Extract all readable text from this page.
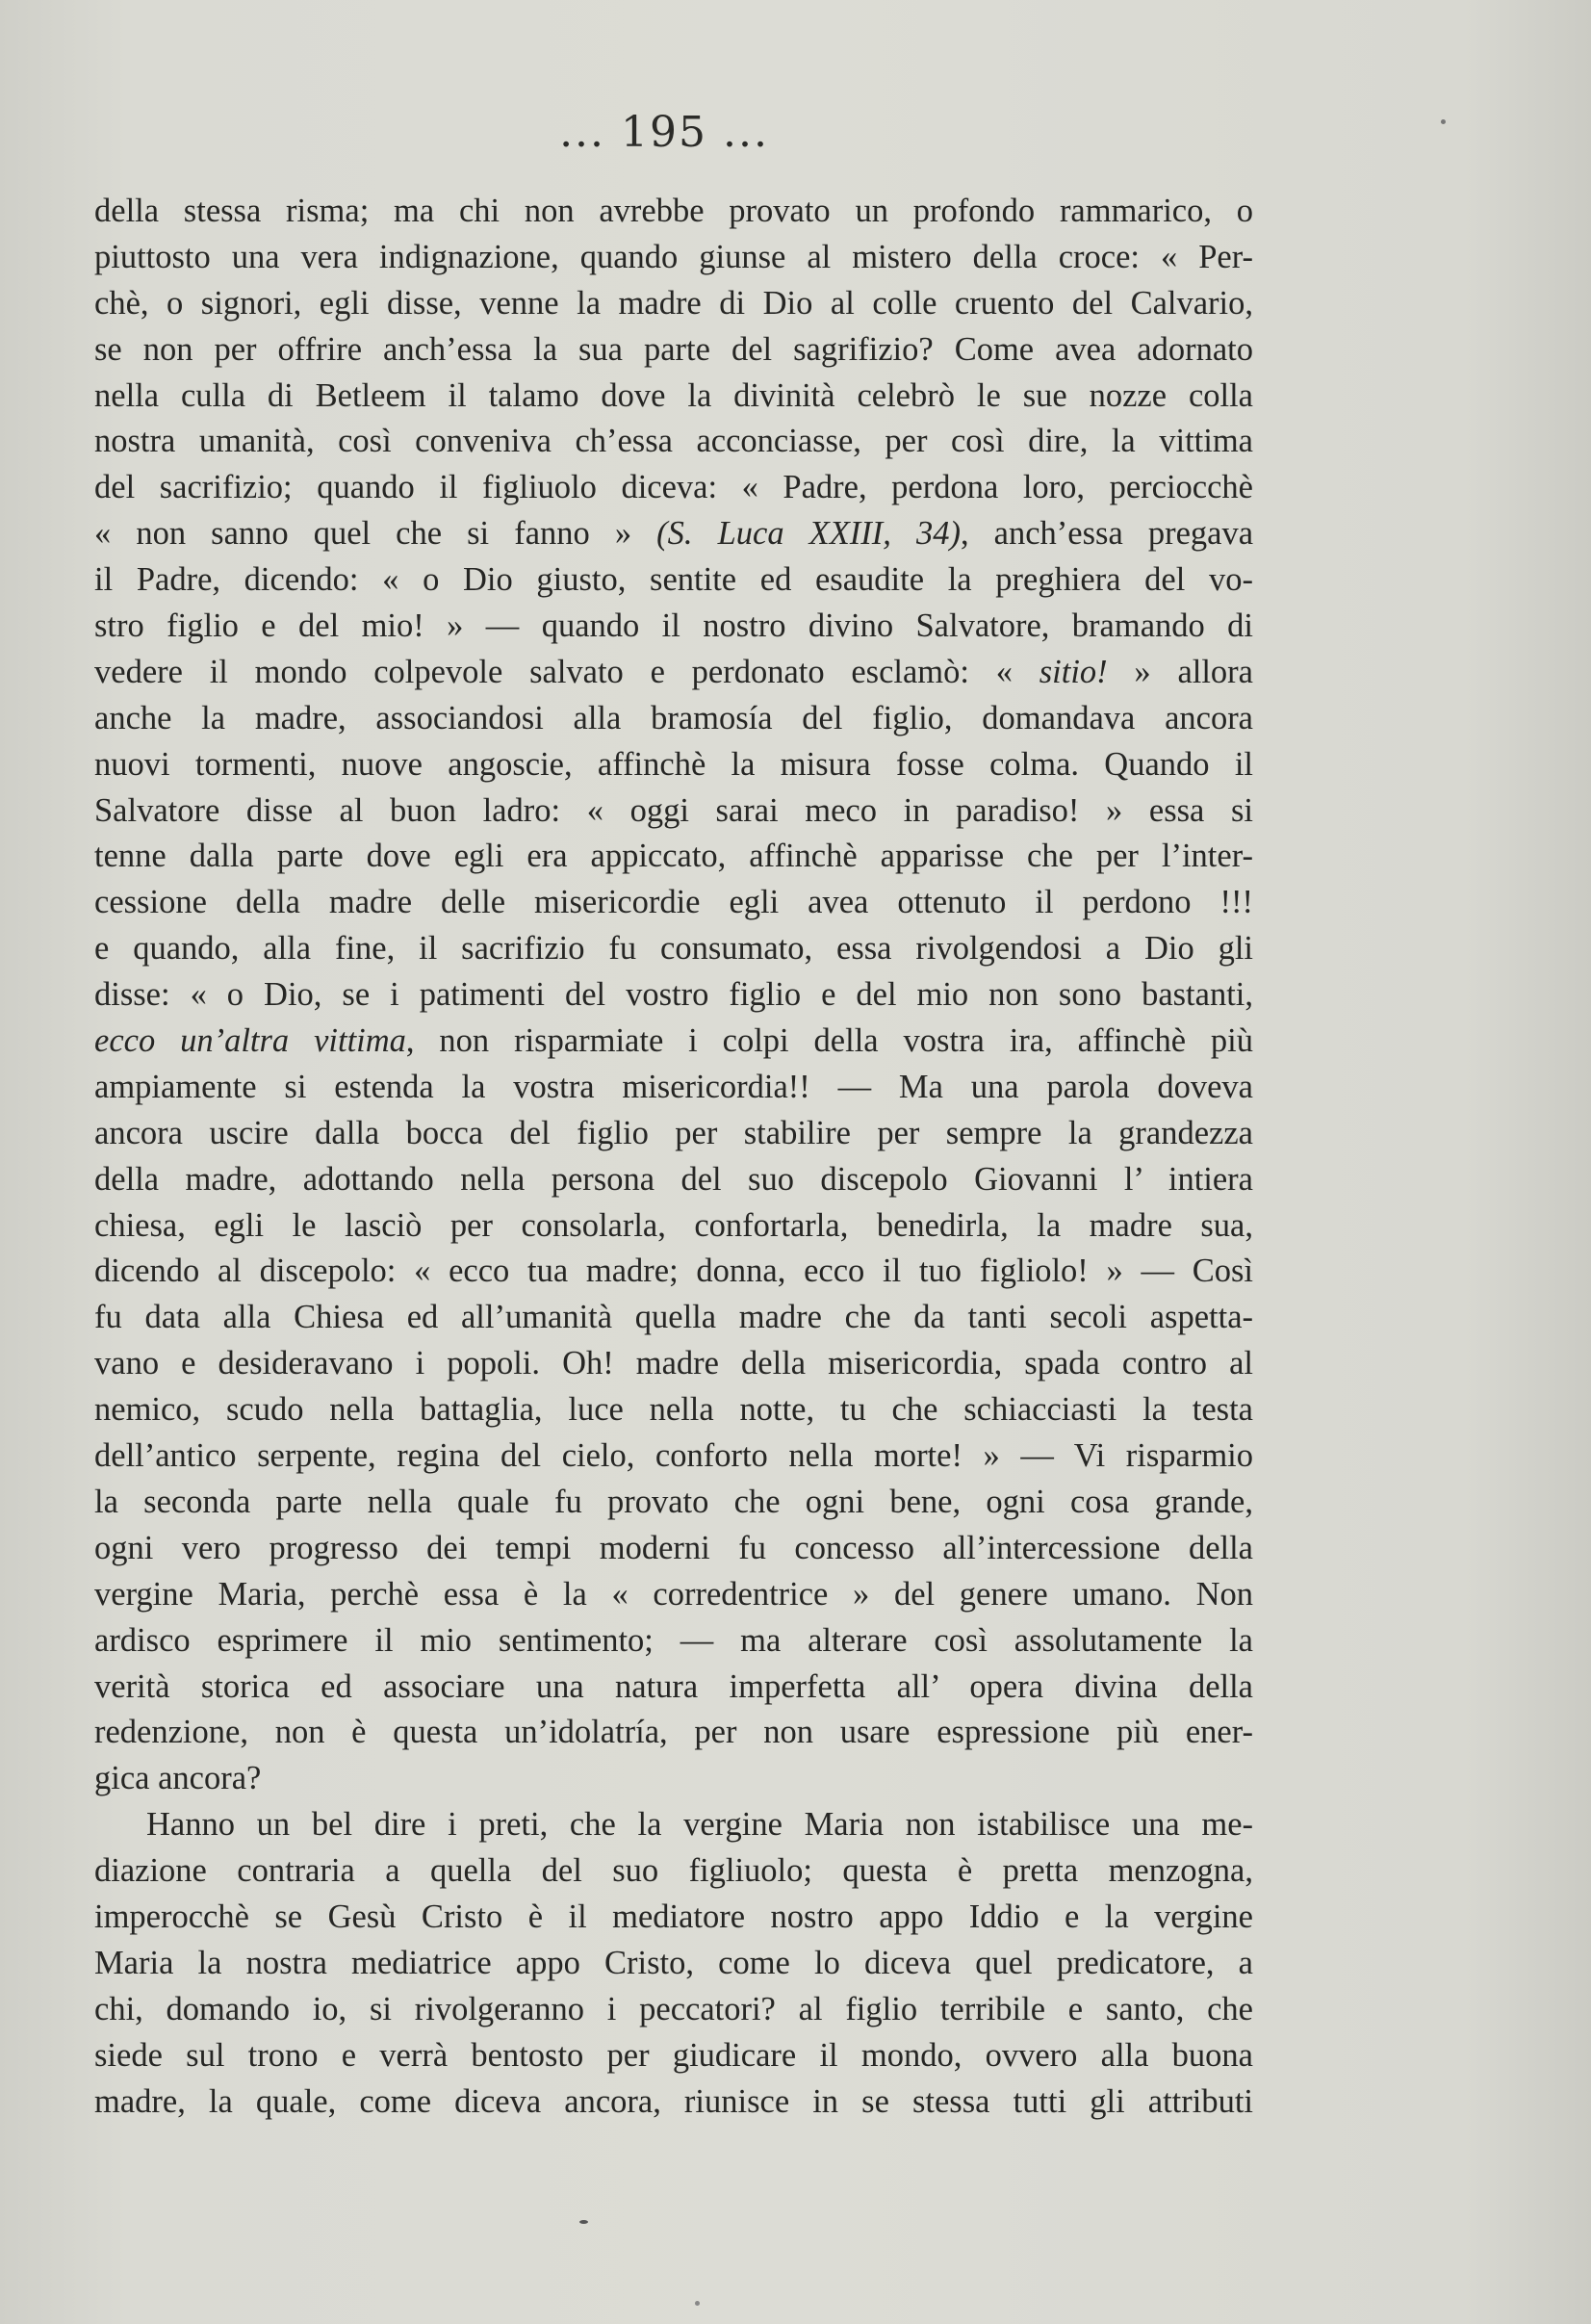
... 195 ...
della stessa risma; ma chi non avrebbe provato un profondo rammarico, o
piuttosto una vera indignazione, quando giunse al mistero della croce: « Per-
chè, o signori, egli disse, venne la madre di Dio al colle cruento del Calvario,
se non per offrire anch’essa la sua parte del sagrifizio? Come avea adornato
nella culla di Betleem il talamo dove la divinità celebrò le sue nozze colla
nostra umanità, così conveniva ch’essa acconciasse, per così dire, la vittima
del sacrifizio; quando il figliuolo diceva: « Padre, perdona loro, perciocchè
« non sanno quel che si fanno » (S. Luca XXIII, 34), anch’essa pregava
il Padre, dicendo: « o Dio giusto, sentite ed esaudite la preghiera del vo-
stro figlio e del mio! » — quando il nostro divino Salvatore, bramando di
vedere il mondo colpevole salvato e perdonato esclamò: « sitio! » allora
anche la madre, associandosi alla bramosía del figlio, domandava ancora
nuovi tormenti, nuove angoscie, affinchè la misura fosse colma. Quando il
Salvatore disse al buon ladro: « oggi sarai meco in paradiso! » essa si
tenne dalla parte dove egli era appiccato, affinchè apparisse che per l’inter-
cessione della madre delle misericordie egli avea ottenuto il perdono !!!
e quando, alla fine, il sacrifizio fu consumato, essa rivolgendosi a Dio gli
disse: « o Dio, se i patimenti del vostro figlio e del mio non sono bastanti,
ecco un’altra vittima, non risparmiate i colpi della vostra ira, affinchè più
ampiamente si estenda la vostra misericordia!! — Ma una parola doveva
ancora uscire dalla bocca del figlio per stabilire per sempre la grandezza
della madre, adottando nella persona del suo discepolo Giovanni l’ intiera
chiesa, egli le lasciò per consolarla, confortarla, benedirla, la madre sua,
dicendo al discepolo: « ecco tua madre; donna, ecco il tuo figliolo! » — Così
fu data alla Chiesa ed all’umanità quella madre che da tanti secoli aspetta-
vano e desideravano i popoli. Oh! madre della misericordia, spada contro al
nemico, scudo nella battaglia, luce nella notte, tu che schiacciasti la testa
dell’antico serpente, regina del cielo, conforto nella morte! » — Vi risparmio
la seconda parte nella quale fu provato che ogni bene, ogni cosa grande,
ogni vero progresso dei tempi moderni fu concesso all’intercessione della
vergine Maria, perchè essa è la « corredentrice » del genere umano. Non
ardisco esprimere il mio sentimento; — ma alterare così assolutamente la
verità storica ed associare una natura imperfetta all’ opera divina della
redenzione, non è questa un’idolatría, per non usare espressione più ener-
gica ancora?
Hanno un bel dire i preti, che la vergine Maria non istabilisce una me-
diazione contraria a quella del suo figliuolo; questa è pretta menzogna,
imperocchè se Gesù Cristo è il mediatore nostro appo Iddio e la vergine
Maria la nostra mediatrice appo Cristo, come lo diceva quel predicatore, a
chi, domando io, si rivolgeranno i peccatori? al figlio terribile e santo, che
siede sul trono e verrà bentosto per giudicare il mondo, ovvero alla buona
madre, la quale, come diceva ancora, riunisce in se stessa tutti gli attributi
